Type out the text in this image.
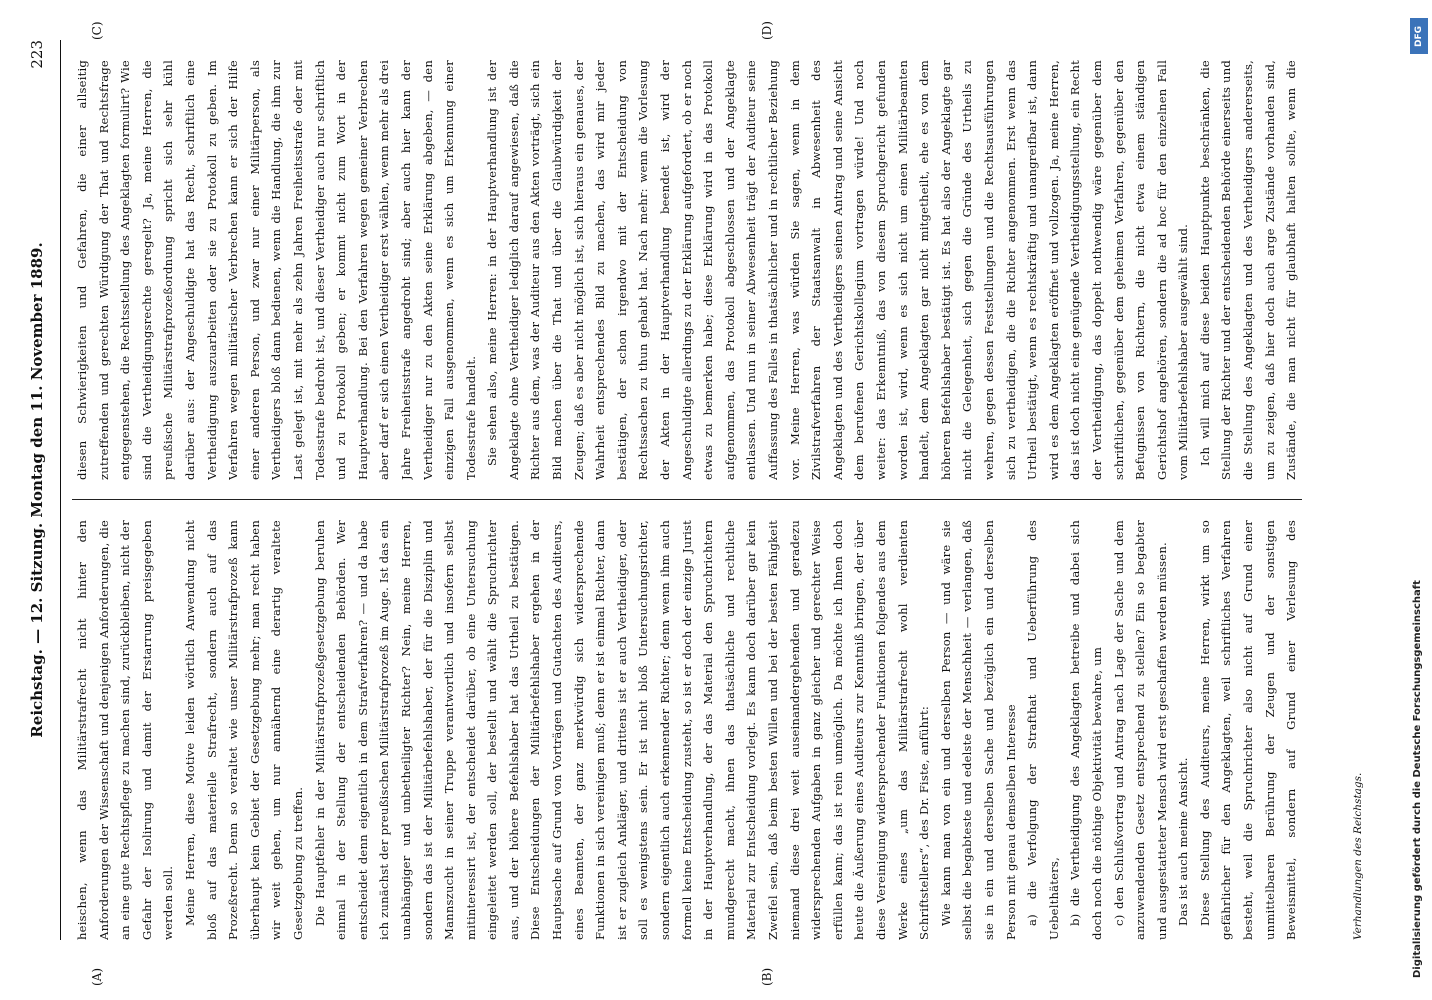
Reichstag. — 12. Sitzung. Montag den 11. November 1889.
223

heischen, wenn das Militärstrafrecht nicht hinter den Anforderungen der Wissenschaft und denjenigen Anforderungen, die an eine gute Rechtspflege zu machen sind, zurückbleiben, nicht der Gefahr der Isolirung und damit der Erstarrung preisgegeben werden soll. Meine Herren, diese Motive leiden wörtlich Anwendung nicht bloß auf das materielle Strafrecht, sondern auch auf das Prozeßrecht. Denn so veraltet wie unser Militärstrafprozeß kann überhaupt kein Gebiet der Gesetzgebung mehr; man recht haben wir weit gehen, um nur annähernd eine derartig veraltete Gesetzgebung zu treffen. Die Hauptfehler in der Militärstrafprozeßgesetzgebung beruhen einmal in der Stellung der entscheidenden Behörden. Wer entscheidet denn eigentlich in dem Strafverfahren? — und da habe ich zunächst der preußischen Militärstrafprozeß im Auge. Ist das ein unabhängiger und unbetheiligter Richter? Nein, meine Herren, sondern das ist der Militärbefehlshaber, der für die Disziplin und Mannszucht in seiner Truppe verantwortlich und insofern selbst mitinteressirt ist, der entscheidet darüber, ob eine Untersuchung eingeleitet werden soll, der bestellt und wählt die Spruchrichter aus, und der höhere Befehlshaber hat das Urtheil zu bestätigen. Diese Entscheidungen der Militärbefehlshaber ergehen in der Hauptsache auf Grund von Vorträgen und Gutachten des Auditeurs, eines Beamten, der ganz merkwürdig sich widersprechende Funktionen in sich vereinigen muß; denn er ist einmal Richter, dann ist er zugleich Ankläger, und drittens ist er auch Vertheidiger, oder soll es wenigstens sein. Er ist nicht bloß Untersuchungsrichter, sondern eigentlich auch erkennender Richter; denn wenn ihm auch formell keine Entscheidung zusteht, so ist er doch der einzige Jurist in der Hauptverhandlung, der das Material den Spruchrichtern mundgerecht macht, ihnen das thatsächliche und rechtliche Material zur Entscheidung vorlegt. Es kann doch darüber gar kein Zweifel sein, daß beim besten Willen und bei der besten Fähigkeit niemand diese drei weit auseinandergehenden und geradezu widersprechenden Aufgaben in ganz gleicher und gerechter Weise erfüllen kann; das ist rein unmöglich. Da möchte ich Ihnen doch heute die Äußerung eines Auditeurs zur Kenntniß bringen, der über diese Vereinigung widersprechender Funktionen folgendes aus dem Werke eines „um das Militärstrafrecht wohl verdienten Schriftstellers“, des Dr. Fiste, anführt: Wie kann man von ein und derselben Person — und wäre sie selbst die begabteste und edelste der Menschheit — verlangen, daß sie in ein und derselben Sache und bezüglich ein und derselben Person mit genau demselben Interesse a) die Verfolgung der Strafthat und Ueberführung des Uebelthäters, b) die Vertheidigung des Angeklagten betreibe und dabei sich doch noch die nöthige Objektivität bewahre, um c) den Schlußvortrag und Antrag nach Lage der Sache und dem anzuwendenden Gesetz entsprechend zu stellen? Ein so begabter und ausgestatteter Mensch wird erst geschaffen werden müssen. Das ist auch meine Ansicht. Diese Stellung des Auditeurs, meine Herren, wirkt um so gefährlicher für den Angeklagten, weil schriftliches Verfahren besteht, weil die Spruchrichter also nicht auf Grund einer unmittelbaren Berührung der Zeugen und der sonstigen Beweismittel, sondern auf Grund einer Verlesung des

diesen Schwierigkeiten und Gefahren, die einer allseitig zutreffenden und gerechten Würdigung der That und Rechtsfrage entgegenstehen, die Rechtsstellung des Angeklagten formulirt? Wie sind die Vertheidigungsrechte geregelt? Ja, meine Herren, die preußische Militärstrafprozeßordnung spricht sich sehr kühl darüber aus: der Angeschuldigte hat das Recht, schriftlich eine Vertheidigung auszuarbeiten oder sie zu Protokoll zu geben. Im Verfahren wegen militärischer Verbrechen kann er sich der Hilfe einer anderen Person, und zwar nur einer Militärperson, als Vertheidigers bloß dann bedienen, wenn die Handlung, die ihm zur Last gelegt ist, mit mehr als zehn Jahren Freiheitsstrafe oder mit Todesstrafe bedroht ist, und dieser Vertheidiger auch nur schriftlich und zu Protokoll geben; er kommt nicht zum Wort in der Hauptverhandlung. Bei den Verfahren wegen gemeiner Verbrechen aber darf er sich einen Vertheidiger erst wählen, wenn mehr als drei Jahre Freiheitsstrafe angedroht sind; aber auch hier kann der Vertheidiger nur zu den Akten seine Erklärung abgeben, — den einzigen Fall ausgenommen, wenn es sich um Erkennung einer Todesstrafe handelt. Sie sehen also, meine Herren: in der Hauptverhandlung ist der Angeklagte ohne Vertheidiger lediglich darauf angewiesen, daß die Richter aus dem, was der Auditeur aus den Akten vorträgt, sich ein Bild machen über die That und über die Glaubwürdigkeit der Zeugen; daß es aber nicht möglich ist, sich hieraus ein genaues, der Wahrheit entsprechendes Bild zu machen, das wird mir jeder bestätigen, der schon irgendwo mit der Entscheidung von Rechtssachen zu thun gehabt hat. Nach mehr: wenn die Vorlesung der Akten in der Hauptverhandlung beendet ist, wird der Angeschuldigte allerdings zu der Erklärung aufgefordert, ob er noch etwas zu bemerken habe; diese Erklärung wird in das Protokoll aufgenommen, das Protokoll abgeschlossen und der Angeklagte entlassen. Und nun in seiner Abwesenheit trägt der Auditeur seine Auffassung des Falles in thatsächlicher und in rechtlicher Beziehung vor. Meine Herren, was würden Sie sagen, wenn in dem Zivilstrafverfahren der Staatsanwalt in Abwesenheit des Angeklagten und des Vertheidigers seinen Antrag und seine Ansicht dem berufenen Gerichtskollegium vortragen würde! Und noch weiter: das Erkenntniß, das von diesem Spruchgericht gefunden worden ist, wird, wenn es sich nicht um einen Militärbeamten handelt, dem Angeklagten gar nicht mitgetheilt, ehe es von dem höheren Befehlshaber bestätigt ist. Es hat also der Angeklagte gar nicht die Gelegenheit, sich gegen die Gründe des Urtheils zu wehren, gegen dessen Feststellungen und die Rechtsausführungen sich zu vertheidigen, die die Richter angenommen. Erst wenn das Urtheil bestätigt, wenn es rechtskräftig und unangreifbar ist, dann wird es dem Angeklagten eröffnet und vollzogen. Ja, meine Herren, das ist doch nicht eine genügende Vertheidigungsstellung, ein Recht der Vertheidigung, das doppelt nothwendig wäre gegenüber dem schriftlichen, gegenüber dem geheimen Verfahren, gegenüber den Befugnissen von Richtern, die nicht etwa einem ständigen Gerichtshof angehören, sondern die ad hoc für den einzelnen Fall vom Militärbefehlshaber ausgewählt sind. Ich will mich auf diese beiden Hauptpunkte beschränken, die Stellung der Richter und der entscheidenden Behörde einerseits und die Stellung des Angeklagten und des Vertheidigers andererseits, um zu zeigen, daß hier doch auch arge Zustände vorhanden sind, Zustände, die man nicht für glaubhaft halten sollte, wenn die

(A)	(B)
(C)	(D)
Verhandlungen des Reichstags.
DFG
Digitalisierung gefördert durch die Deutsche Forschungsgemeinschaft
